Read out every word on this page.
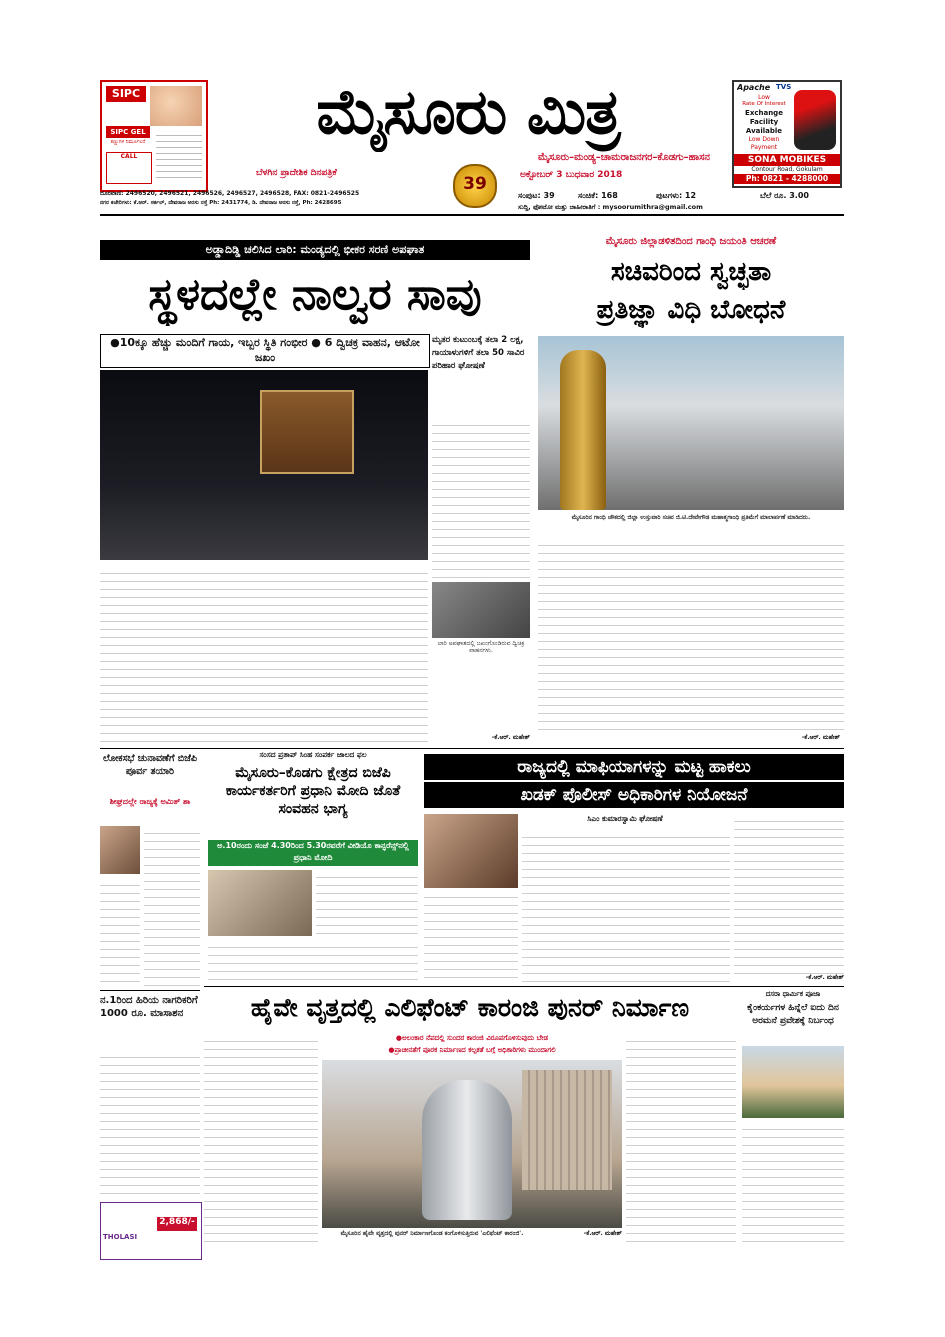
SIPC
SIPC GEL
ಕಣ್ಣುಗಳ ನಿರ್ಮೂಲನೆ
CALL
ಮೈಸೂರು ಮಿತ್ರ
ಮೈಸೂರು–ಮಂಡ್ಯ–ಚಾಮರಾಜನಗರ–ಕೊಡಗು–ಹಾಸನ
ಬೆಳಗಿನ ಪ್ರಾದೇಶಿಕ ದಿನಪತ್ರಿಕೆ
39	ಅಕ್ಟೋಬರ್ 3 ಬುಧವಾರ 2018
Apache TVS
Low
Rate Of Interest
Exchange
Facility
Available
Low Down
Payment
SONA MOBIKES
Contour Road, Gokulam
Ph: 0821 - 4288000
ದೂರವಾಣಿ: 2496520, 2496521, 2496526, 2496527, 2496528, FAX: 0821-2496525
ನಗರ ಕಚೇರಿಗಳು: ಕೆ.ಆರ್. ಸರ್ಕಲ್, ದೇವರಾಜ ಅರಸು ರಸ್ತೆ Ph: 2431774, ಡಿ. ದೇವರಾಜ ಅರಸು ರಸ್ತೆ, Ph: 2428695
ಸಂಪುಟ: 39	ಸಂಚಿಕೆ: 168	ಪುಟಗಳು: 12	ಬೆಲೆ ರೂ. 3.00
ಸುದ್ದಿ, ಫೋಟೋ ಮತ್ತು ಜಾಹೀರಾತಿಗೆ : mysoorumithra@gmail.com
ಅಡ್ಡಾದಿಡ್ಡಿ ಚಲಿಸಿದ ಲಾರಿ: ಮಂಡ್ಯದಲ್ಲಿ ಭೀಕರ ಸರಣಿ ಅಪಘಾತ
ಸ್ಥಳದಲ್ಲೇ ನಾಲ್ವರ ಸಾವು
●10ಕ್ಕೂ ಹೆಚ್ಚು ಮಂದಿಗೆ ಗಾಯ, ಇಬ್ಬರ ಸ್ಥಿತಿ ಗಂಭೀರ ● 6 ದ್ವಿಚಕ್ರ ವಾಹನ, ಆಟೋ ಜಖಂ
ಮೃತರ ಕುಟುಂಬಕ್ಕೆ ತಲಾ 2 ಲಕ್ಷ, ಗಾಯಾಳುಗಳಿಗೆ ತಲಾ 50 ಸಾವಿರ ಪರಿಹಾರ ಘೋಷಣೆ
ಲಾರಿ ಅಪಘಾತದಲ್ಲಿ ಜಖಂಗೊಂಡಿರುವ ದ್ವಿಚಕ್ರ ವಾಹನಗಳು.
-ಕೆ.ಆರ್. ಮಹೇಶ್
ಮೈಸೂರು ಜಿಲ್ಲಾಡಳಿತದಿಂದ ಗಾಂಧಿ ಜಯಂತಿ ಆಚರಣೆ
ಸಚಿವರಿಂದ ಸ್ವಚ್ಛತಾ
ಪ್ರತಿಜ್ಞಾ ವಿಧಿ ಬೋಧನೆ
ಮೈಸೂರಿನ ಗಾಂಧಿ ಚೌಕದಲ್ಲಿ ಜಿಲ್ಲಾ ಉಸ್ತುವಾರಿ ಸಚಿವ ಜಿ.ಟಿ.ದೇವೇಗೌಡ ಮಹಾತ್ಮಗಾಂಧಿ ಪ್ರತಿಮೆಗೆ ಮಾಲಾರ್ಪಣೆ ಮಾಡಿದರು.
-ಕೆ.ಆರ್. ಮಹೇಶ್
ಲೋಕಸಭೆ ಚುನಾವಣೆಗೆ ಬಿಜೆಪಿ ಪೂರ್ವ ತಯಾರಿ
ಶೀಘ್ರದಲ್ಲೇ ರಾಜ್ಯಕ್ಕೆ ಅಮಿತ್ ಶಾ
ನ.1ರಿಂದ ಹಿರಿಯ ನಾಗರಿಕರಿಗೆ 1000 ರೂ. ಮಾಸಾಶನ
THOLASI
2,868/-
ಸಂಸದ ಪ್ರತಾಪ್ ಸಿಂಹ ಸಂಪರ್ಕ ಜಾಲದ ಫಲ
ಮೈಸೂರು–ಕೊಡಗು ಕ್ಷೇತ್ರದ ಬಿಜೆಪಿ ಕಾರ್ಯಕರ್ತರಿಗೆ ಪ್ರಧಾನಿ ಮೋದಿ ಜೊತೆ ಸಂವಹನ ಭಾಗ್ಯ
ಅ.10ರಂದು ಸಂಜೆ 4.30ರಿಂದ 5.30ರವರೆಗೆ ವೀಡಿಯೊ ಕಾನ್ಫರೆನ್ಸ್‌ನಲ್ಲಿ ಪ್ರಧಾನಿ ಮೋದಿ
ರಾಜ್ಯದಲ್ಲಿ ಮಾಫಿಯಾಗಳನ್ನು ಮಟ್ಟ ಹಾಕಲು
ಖಡಕ್ ಪೊಲೀಸ್ ಅಧಿಕಾರಿಗಳ ನಿಯೋಜನೆ
ಸಿಎಂ ಕುಮಾರಸ್ವಾಮಿ ಘೋಷಣೆ
-ಕೆ.ಆರ್. ಮಹೇಶ್
ಹೈವೇ ವೃತ್ತದಲ್ಲಿ ಎಲಿಫೆಂಟ್ ಕಾರಂಜಿ ಪುನರ್ ನಿರ್ಮಾಣ
●ಅಲಂಕಾರ ನೆಪದಲ್ಲಿ ಸುಂದರ ಕಾರಂಜಿ ವಿರೂಪಗೊಳಿಸುವುದು ಬೇಡ
●ಪ್ರಾಚೀನತೆಗೆ ಪೂರಕ ನಿರ್ಮಾಣದ ಕಲ್ಪಕತೆ ಬಗ್ಗೆ ಅಧಿಕಾರಿಗಳು ಮುಂದಾಗಲಿ
ಮೈಸೂರಿನ ಹೈವೇ ವೃತ್ತದಲ್ಲಿ ಪುನರ್ ನಿರ್ಮಾಣಗೊಂಡ ಕಂಗೊಳಿಸುತ್ತಿರುವ 'ಎಲಿಫೆಂಟ್ ಕಾರಂಜಿ'.	-ಕೆ.ಆರ್. ಮಹೇಶ್
ದಸರಾ ಧಾರ್ಮಿಕ ಪೂಜಾ
ಕೈಂಕರ್ಯಗಳ ಹಿನ್ನೆಲೆ ಐದು ದಿನ ಅರಮನೆ ಪ್ರವೇಶಕ್ಕೆ ನಿರ್ಬಂಧ
